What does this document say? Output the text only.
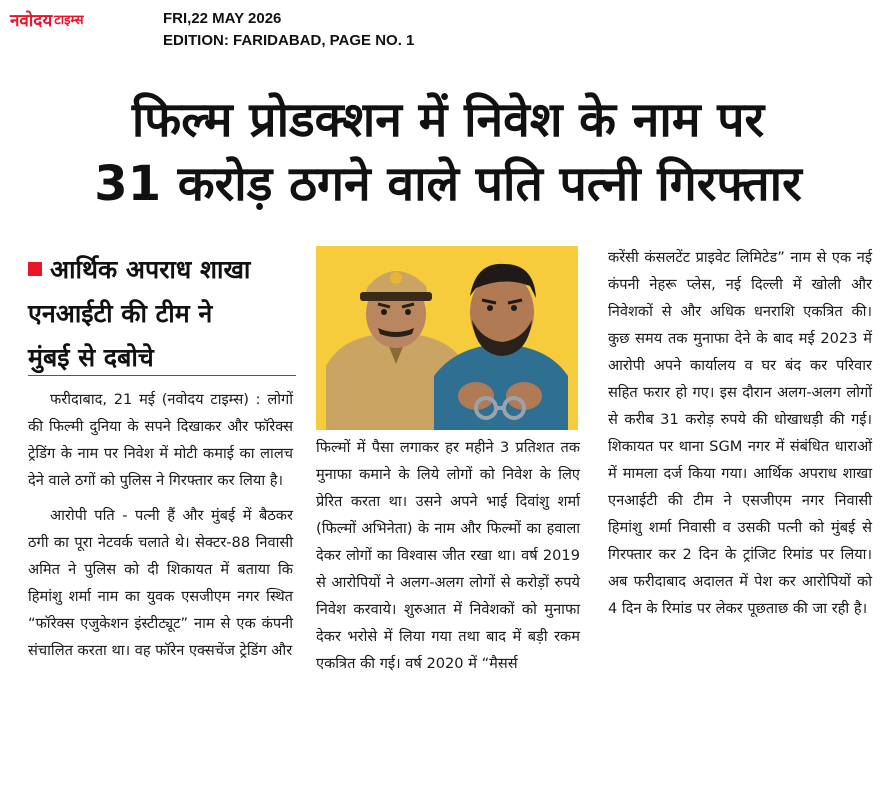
नवोदय टाइम्स	FRI,22 MAY 2026
EDITION: FARIDABAD, PAGE NO. 1
फिल्म प्रोडक्शन में निवेश के नाम पर
31 करोड़ ठगने वाले पति पत्नी गिरफ्तार
आर्थिक अपराध शाखा
एनआईटी की टीम ने
मुंबई से दबोचे

फरीदाबाद, 21 मई (नवोदय टाइम्स) : लोगों की फिल्मी दुनिया के सपने दिखाकर और फॉरेक्स ट्रेडिंग के नाम पर निवेश में मोटी कमाई का लालच देने वाले ठगों को पुलिस ने गिरफ्तार कर लिया है।

आरोपी पति - पत्नी हैं और मुंबई में बैठकर ठगी का पूरा नेटवर्क चलाते थे। सेक्टर-88 निवासी अमित ने पुलिस को दी शिकायत में बताया कि हिमांशु शर्मा नाम का युवक एसजीएम नगर स्थित “फॉरेक्स एजुकेशन इंस्टीट्यूट” नाम से एक कंपनी संचालित करता था। वह फॉरेन एक्सचेंज ट्रेडिंग और

फिल्मों में पैसा लगाकर हर महीने 3 प्रतिशत तक मुनाफा कमाने के लिये लोगों को निवेश के लिए प्रेरित करता था। उसने अपने भाई दिवांशु शर्मा (फिल्मों अभिनेता) के नाम और फिल्मों का हवाला देकर लोगों का विश्वास जीत रखा था। वर्ष 2019 से आरोपियों ने अलग-अलग लोगों से करोड़ों रुपये निवेश करवाये। शुरुआत में निवेशकों को मुनाफा देकर भरोसे में लिया गया तथा बाद में बड़ी रकम एकत्रित की गई। वर्ष 2020 में “मैसर्स

करेंसी कंसलटेंट प्राइवेट लिमिटेड” नाम से एक नई कंपनी नेहरू प्लेस, नई दिल्ली में खोली और निवेशकों से और अधिक धनराशि एकत्रित की। कुछ समय तक मुनाफा देने के बाद मई 2023 में आरोपी अपने कार्यालय व घर बंद कर परिवार सहित फरार हो गए। इस दौरान अलग-अलग लोगों से करीब 31 करोड़ रुपये की धोखाधड़ी की गई। शिकायत पर थाना SGM नगर में संबंधित धाराओं में मामला दर्ज किया गया। आर्थिक अपराध शाखा एनआईटी की टीम ने एसजीएम नगर निवासी हिमांशु शर्मा निवासी व उसकी पत्नी को मुंबई से गिरफ्तार कर 2 दिन के ट्रांजिट रिमांड पर लिया। अब फरीदाबाद अदालत में पेश कर आरोपियों को 4 दिन के रिमांड पर लेकर पूछताछ की जा रही है।
